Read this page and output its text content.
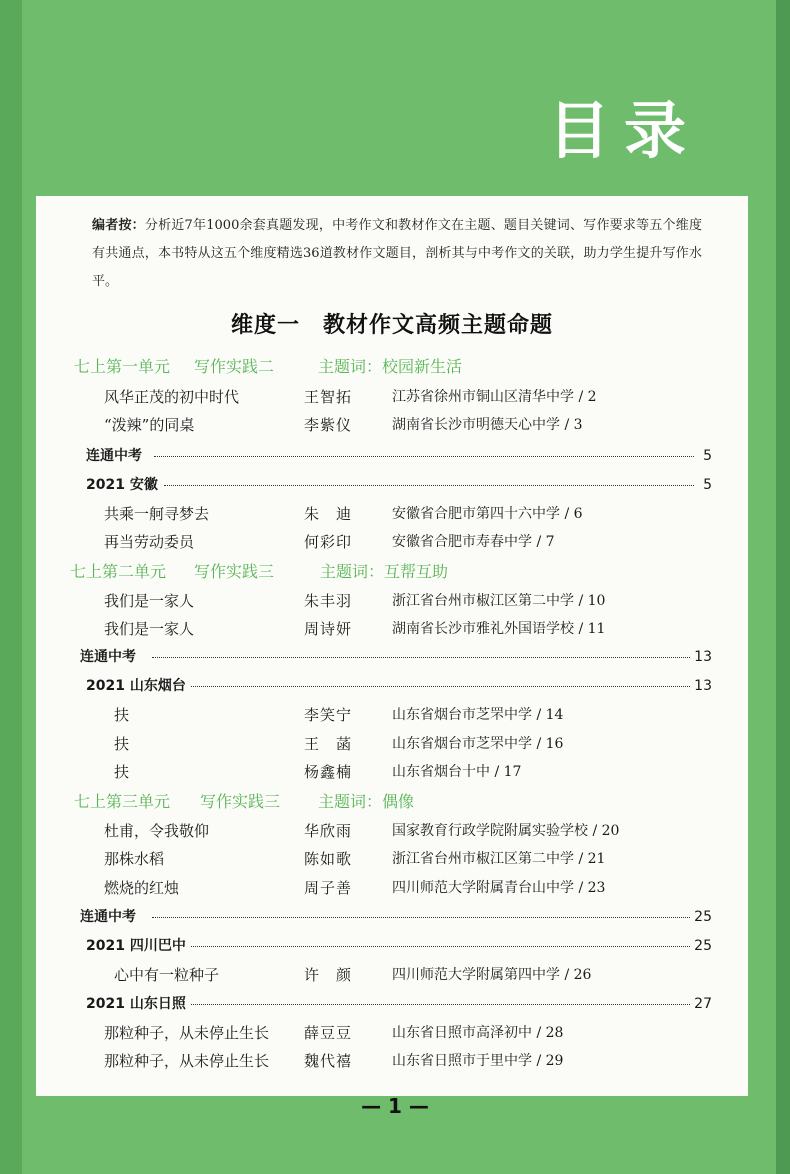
目录
编者按：分析近7年1000余套真题发现，中考作文和教材作文在主题、题目关键词、写作要求等五个维度有共通点，本书特从这五个维度精选36道教材作文题目，剖析其与中考作文的关联，助力学生提升写作水平。
维度一　教材作文高频主题命题
七上第一单元 写作实践二	主题词：校园新生活
风华正茂的初中时代	王智拓	江苏省徐州市铜山区清华中学 / 2
“泼辣”的同桌	李紫仪	湖南省长沙市明德天心中学 / 3
连通中考	5
2021 安徽	5
共乘一舸寻梦去	朱　迪	安徽省合肥市第四十六中学 / 6
再当劳动委员	何彩印	安徽省合肥市寿春中学 / 7
七上第二单元 写作实践三	主题词：互帮互助
我们是一家人	朱丰羽	浙江省台州市椒江区第二中学 / 10
我们是一家人	周诗妍	湖南省长沙市雅礼外国语学校 / 11
连通中考	13
2021 山东烟台	13
扶	李笑宁	山东省烟台市芝罘中学 / 14
扶	王　菡	山东省烟台市芝罘中学 / 16
扶	杨鑫楠	山东省烟台十中 / 17
七上第三单元 写作实践三 主题词：偶像
杜甫，令我敬仰	华欣雨	国家教育行政学院附属实验学校 / 20
那株水稻	陈如歌	浙江省台州市椒江区第二中学 / 21
燃烧的红烛	周子善	四川师范大学附属青台山中学 / 23
连通中考	25
2021 四川巴中	25
心中有一粒种子	许　颜	四川师范大学附属第四中学 / 26
2021 山东日照	27
那粒种子，从未停止生长 薛豆豆	山东省日照市高泽初中 / 28
那粒种子，从未停止生长 魏代禧	山东省日照市于里中学 / 29
— 1 —
